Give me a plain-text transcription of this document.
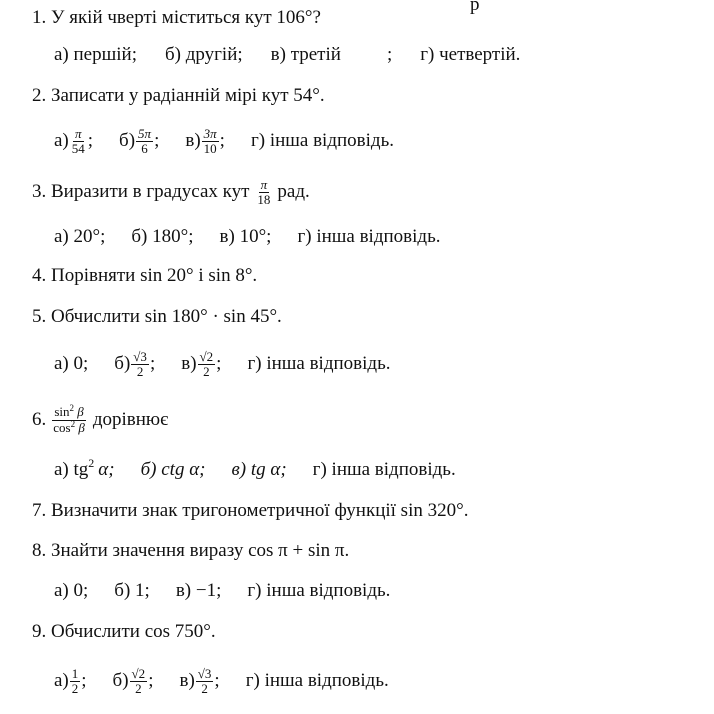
р
1. У якій чверті міститься кут 106°?
а) першій; б) другій; в) третій ; г) четвертій.
2. Записати у радіанній мірі кут 54°.
$а) \frac{\pi}{54}$ ; $б) \frac{5\pi}{6}$ ; $в) \frac{3\pi}{10}$ ; г) інша відповідь.
3. Виразити в градусах кут $\frac{\pi}{18}$ рад.
а) 20°; б) 180°; в) 10°; г) інша відповідь.
4. Порівняти sin 20° і sin 8°.
5. Обчислити sin 180° · sin 45°.
а) 0; $б) \frac{√3}{2}$ ; $в) \frac{√2}{2}$ ; г) інша відповідь.
6. $\frac{\sin^2 \beta}{\cos^2 \beta}$ дорівнює
а) tg 2 α; б) ctg α; в) tg α; г) інша відповідь.
7. Визначити знак тригонометричної функції sin 320°.
8. Знайти значення виразу cos π + sin π.
а) 0; б) 1; в) −1; г) інша відповідь.
9. Обчислити cos 750°.
$а) \frac{1}{2}$ ; $б) \frac{√2}{2}$ ; $в) \frac{√3}{2}$ ; г) інша відповідь.
